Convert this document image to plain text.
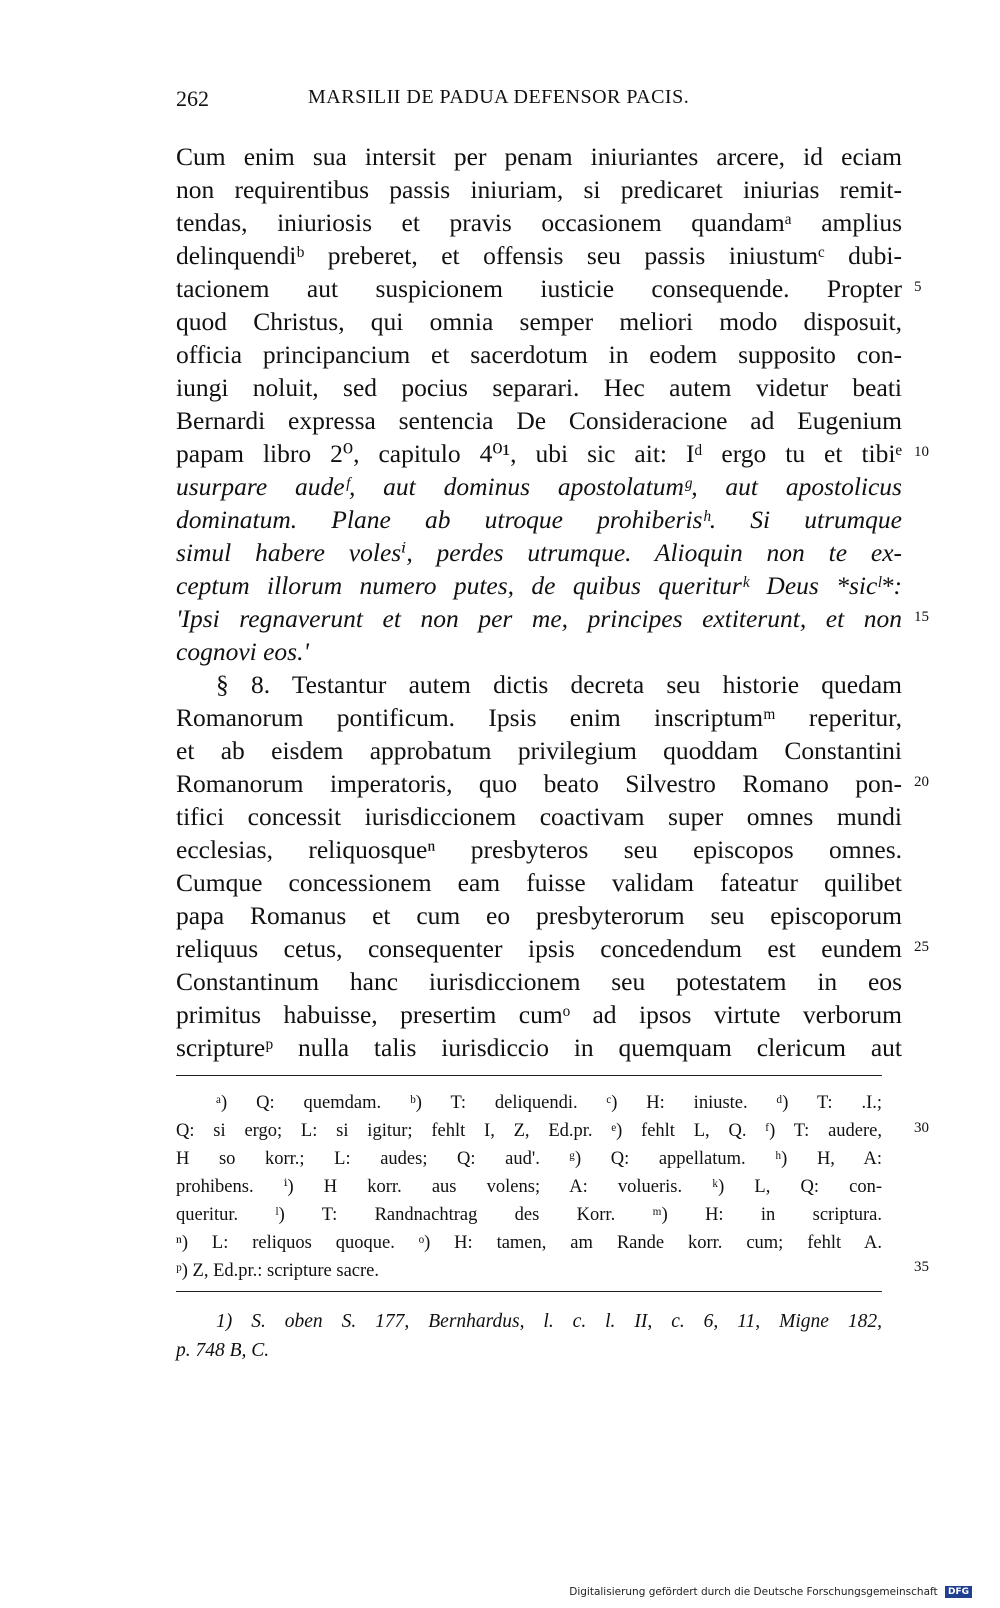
262	MARSILII DE PADUA DEFENSOR PACIS.
Cum enim sua intersit per penam iniuriantes arcere, id eciam
non requirentibus passis iniuriam, si predicaret iniurias remit-
tendas, iniuriosis et pravis occasionem quandamᵃ amplius
delinquendiᵇ preberet, et offensis seu passis iniustumᶜ dubi-
tacionem aut suspicionem iusticie consequende. Propter
quod Christus, qui omnia semper meliori modo disposuit,
officia principancium et sacerdotum in eodem supposito con-
iungi noluit, sed pocius separari. Hec autem videtur beati
Bernardi expressa sentencia De Consideracione ad Eugenium
papam libro 2⁰, capitulo 4⁰¹, ubi sic ait: Iᵈ ergo tu et tibiᵉ
usurpare audeᶠ, aut dominus apostolatumᵍ, aut apostolicus
dominatum. Plane ab utroque prohiberisʰ. Si utrumque
simul habere volesⁱ, perdes utrumque. Alioquin non te ex-
ceptum illorum numero putes, de quibus queriturᵏ Deus *sicˡ*:
'Ipsi regnaverunt et non per me, principes extiterunt, et non
cognovi eos.'
§ 8. Testantur autem dictis decreta seu historie quedam
Romanorum pontificum. Ipsis enim inscriptumᵐ reperitur,
et ab eisdem approbatum privilegium quoddam Constantini
Romanorum imperatoris, quo beato Silvestro Romano pon-
tifici concessit iurisdiccionem coactivam super omnes mundi
ecclesias, reliquosqueⁿ presbyteros seu episcopos omnes.
Cumque concessionem eam fuisse validam fateatur quilibet
papa Romanus et cum eo presbyterorum seu episcoporum
reliquus cetus, consequenter ipsis concedendum est eundem
Constantinum hanc iurisdiccionem seu potestatem in eos
primitus habuisse, presertim cumᵒ ad ipsos virtute verborum
scriptureᵖ nulla talis iurisdiccio in quemquam clericum aut
5
10
15
20
25
30
35
ᵃ) Q: quemdam. ᵇ) T: deliquendi. ᶜ) H: iniuste. ᵈ) T: .I.;
Q: si ergo; L: si igitur; fehlt I, Z, Ed.pr. ᵉ) fehlt L, Q. ᶠ) T: audere,
H so korr.; L: audes; Q: aud'. ᵍ) Q: appellatum. ʰ) H, A:
prohibens. ⁱ) H korr. aus volens; A: volueris. ᵏ) L, Q: con-
queritur. ˡ) T: Randnachtrag des Korr. ᵐ) H: in scriptura.
ⁿ) L: reliquos quoque. ᵒ) H: tamen, am Rande korr. cum; fehlt A.
ᵖ) Z, Ed.pr.: scripture sacre.
1) S. oben S. 177, Bernhardus, l. c. l. II, c. 6, 11, Migne 182,
p. 748 B, C.
Digitalisierung gefördert durch die Deutsche Forschungsgemeinschaft DFG
